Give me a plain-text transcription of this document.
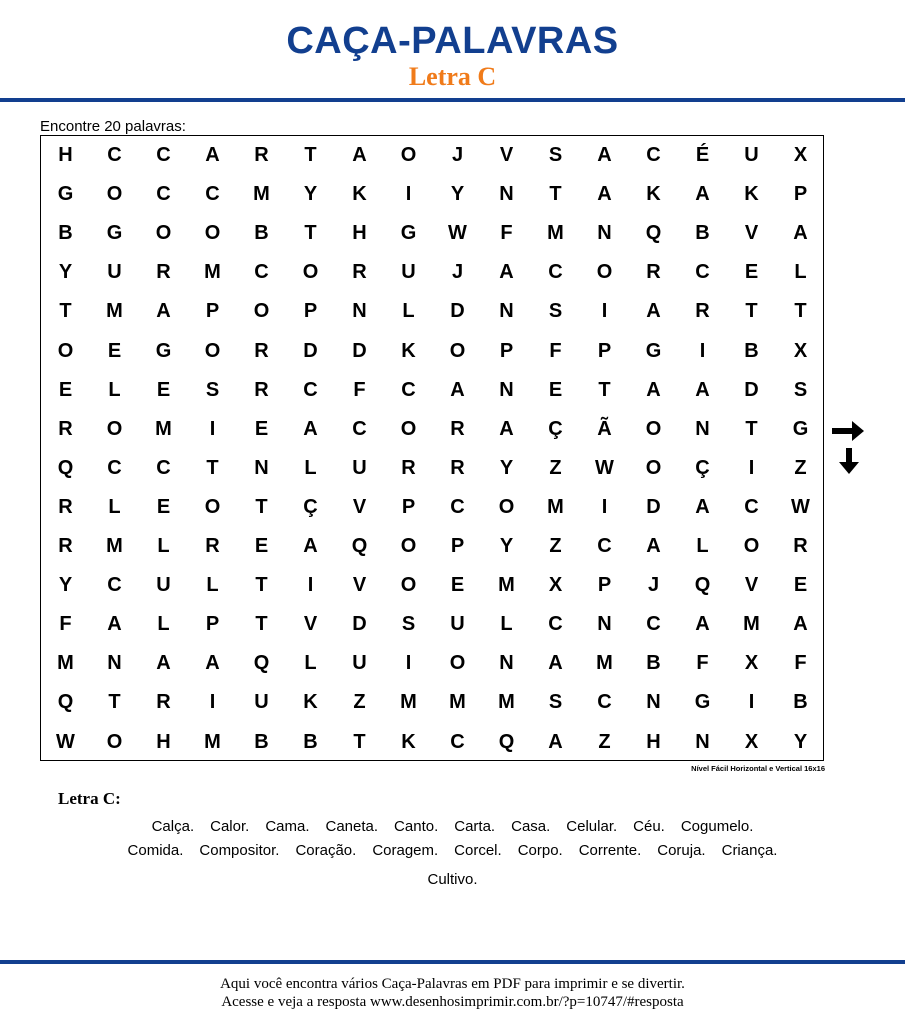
CAÇA-PALAVRAS
Letra C
Encontre 20 palavras:
H	C	C	A	R	T	A	O	J	V	S	A	C	É	U	X
G	O	C	C	M	Y	K	I	Y	N	T	A	K	A	K	P
B	G	O	O	B	T	H	G	W	F	M	N	Q	B	V	A
Y	U	R	M	C	O	R	U	J	A	C	O	R	C	E	L
T	M	A	P	O	P	N	L	D	N	S	I	A	R	T	T
O	E	G	O	R	D	D	K	O	P	F	P	G	I	B	X
E	L	E	S	R	C	F	C	A	N	E	T	A	A	D	S
R	O	M	I	E	A	C	O	R	A	Ç	Ã	O	N	T	G
Q	C	C	T	N	L	U	R	R	Y	Z	W	O	Ç	I	Z
R	L	E	O	T	Ç	V	P	C	O	M	I	D	A	C	W
R	M	L	R	E	A	Q	O	P	Y	Z	C	A	L	O	R
Y	C	U	L	T	I	V	O	E	M	X	P	J	Q	V	E
F	A	L	P	T	V	D	S	U	L	C	N	C	A	M	A
M	N	A	A	Q	L	U	I	O	N	A	M	B	F	X	F
Q	T	R	I	U	K	Z	M	M	M	S	C	N	G	I	B
W	O	H	M	B	B	T	K	C	Q	A	Z	H	N	X	Y
Nível Fácil Horizontal e Vertical 16x16
Letra C:
Calça. Calor. Cama. Caneta. Canto. Carta. Casa. Celular. Céu. Cogumelo.
Comida. Compositor. Coração. Coragem. Corcel. Corpo. Corrente. Coruja. Criança.
Cultivo.
Aqui você encontra vários Caça-Palavras em PDF para imprimir e se divertir.
Acesse e veja a resposta www.desenhosimprimir.com.br/?p=10747/#resposta
